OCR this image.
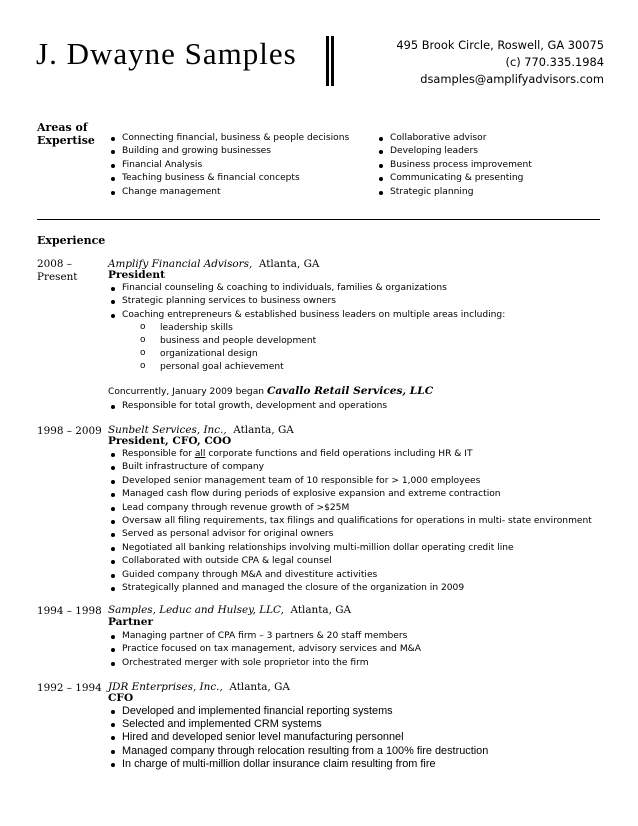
J. Dwayne Samples	495 Brook Circle, Roswell, GA 30075
(c) 770.335.1984
dsamples@amplifyadvisors.com
Areas of
Expertise	Connecting financial, business & people decisions
Building and growing businesses
Financial Analysis
Teaching business & financial concepts
Change management
Collaborative advisor
Developing leaders
Business process improvement
Communicating & presenting
Strategic planning
Experience
2008 –
Present
Amplify Financial Advisors, Atlanta, GA
President
Financial counseling & coaching to individuals, families & organizations
Strategic planning services to business owners
Coaching entrepreneurs & established business leaders on multiple areas including:
o leadership skills
o business and people development
o organizational design
o personal goal achievement
Concurrently, January 2009 began Cavallo Retail Services, LLC
Responsible for total growth, development and operations
1998 – 2009 Sunbelt Services, Inc., Atlanta, GA
President, CFO, COO
Responsible for all corporate functions and field operations including HR & IT
Built infrastructure of company
Developed senior management team of 10 responsible for > 1,000 employees
Managed cash flow during periods of explosive expansion and extreme contraction
Lead company through revenue growth of >$25M
Oversaw all filing requirements, tax filings and qualifications for operations in multi- state environment
Served as personal advisor for original owners
Negotiated all banking relationships involving multi-million dollar operating credit line
Collaborated with outside CPA & legal counsel
Guided company through M&A and divestiture activities
Strategically planned and managed the closure of the organization in 2009
1994 – 1998 Samples, Leduc and Hulsey, LLC, Atlanta, GA
Partner
Managing partner of CPA firm – 3 partners & 20 staff members
Practice focused on tax management, advisory services and M&A
Orchestrated merger with sole proprietor into the firm
1992 – 1994 JDR Enterprises, Inc., Atlanta, GA
CFO
Developed and implemented financial reporting systems
Selected and implemented CRM systems
Hired and developed senior level manufacturing personnel
Managed company through relocation resulting from a 100% fire destruction
In charge of multi-million dollar insurance claim resulting from fire
